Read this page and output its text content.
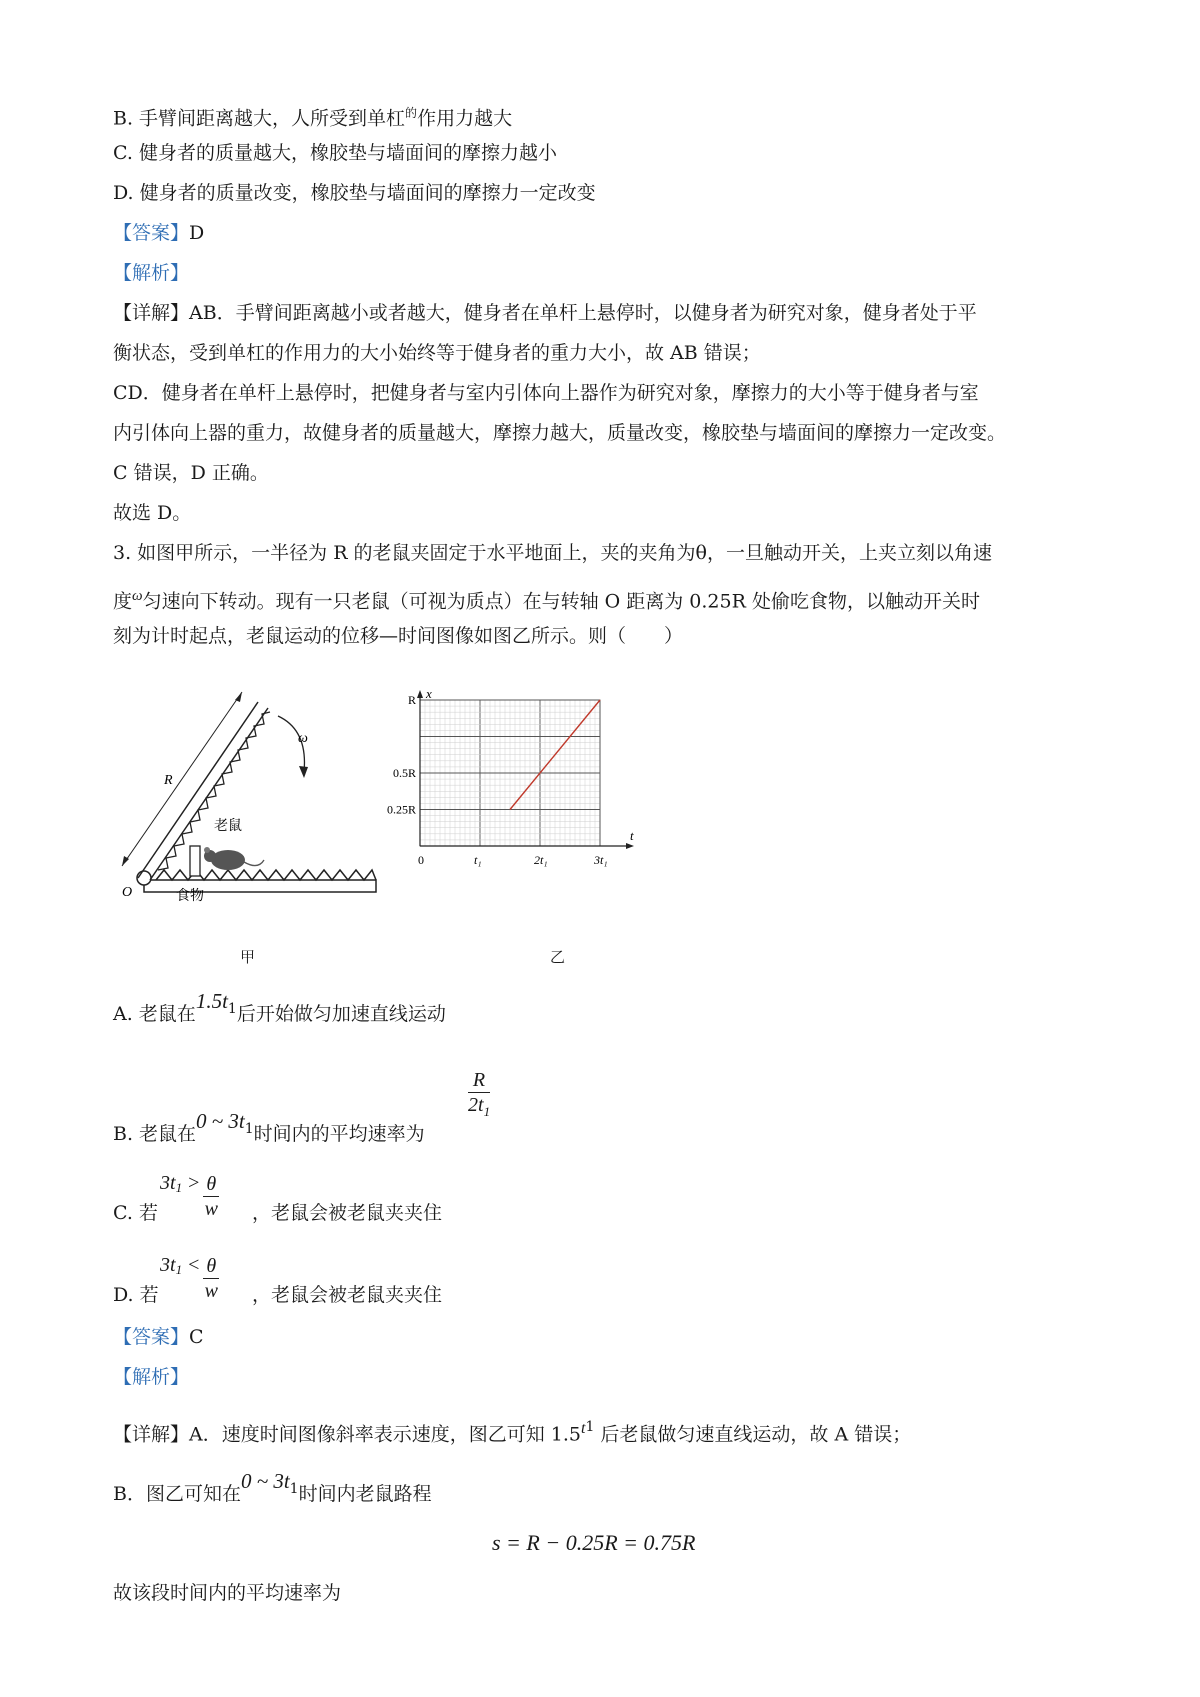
B. 手臂间距离越大，人所受到单杠$^的$作用力越大
C. 健身者的质量越大，橡胶垫与墙面间的摩擦力越小
D. 健身者的质量改变，橡胶垫与墙面间的摩擦力一定改变
【答案】D
【解析】
【详解】AB．手臂间距离越小或者越大，健身者在单杆上悬停时，以健身者为研究对象，健身者处于平
衡状态，受到单杠的作用力的大小始终等于健身者的重力大小，故 AB 错误；
CD．健身者在单杆上悬停时，把健身者与室内引体向上器作为研究对象，摩擦力的大小等于健身者与室
内引体向上器的重力，故健身者的质量越大，摩擦力越大，质量改变，橡胶垫与墙面间的摩擦力一定改变。
C 错误，D 正确。
故选 D。
3. 如图甲所示，一半径为 R 的老鼠夹固定于水平地面上，夹的夹角为θ，一旦触动开关，上夹立刻以角速
度$^\omega$匀速向下转动。现有一只老鼠（可视为质点）在与转轴 O 距离为 0.25R 处偷吃食物，以触动开关时
刻为计时起点，老鼠运动的位移—时间图像如图乙所示。则（　　）
R
ω
老鼠
食物
O
甲
t
x
0	t₁	2t₁	3t₁
0.25R
0.5R
R
乙
A. 老鼠在$1.5t_1$后开始做匀加速直线运动
B. 老鼠在0 ~ $3t_1$时间内的平均速率为
$\frac{R}{2t_1}$
C. 若
$3t_1 > \frac{\theta}{w}$ ，老鼠会被老鼠夹夹住
D. 若
$3t_1 < \frac{\theta}{w}$ ，老鼠会被老鼠夹夹住
【答案】C
【解析】
【详解】A．速度时间图像斜率表示速度，图乙可知 $1.5^t_1$ 后老鼠做匀速直线运动，故 A 错误；
B．图乙可知在0 ~ $3t_1$时间内老鼠路程
s = R − 0.25R = 0.75R
故该段时间内的平均速率为
